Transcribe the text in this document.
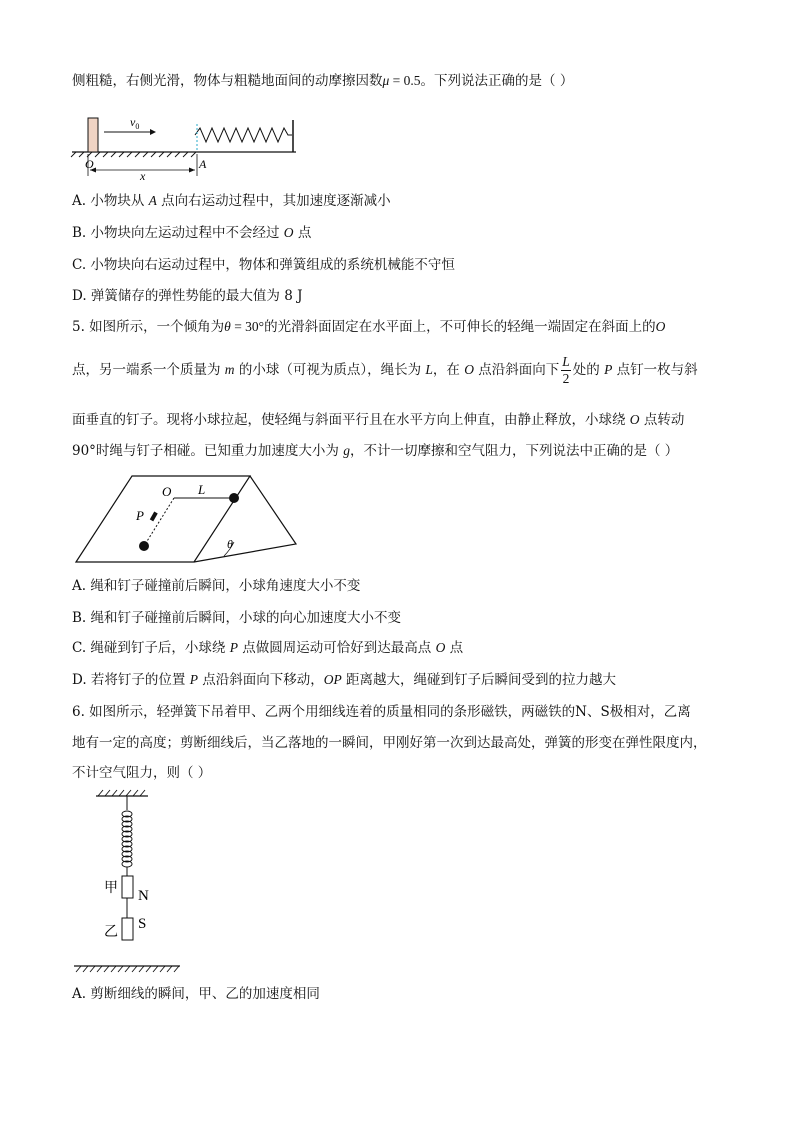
侧粗糙，右侧光滑，物体与粗糙地面间的动摩擦因数μ = 0.5。下列说法正确的是（ ）
$v_0$
O	A
x
A. 小物块从 A 点向右运动过程中，其加速度逐渐减小
B. 小物块向左运动过程中不会经过 O 点
C. 小物块向右运动过程中，物体和弹簧组成的系统机械能不守恒
D. 弹簧储存的弹性势能的最大值为 8 J
5. 如图所示，一个倾角为θ = 30°的光滑斜面固定在水平面上，不可伸长的轻绳一端固定在斜面上的O
点，另一端系一个质量为 m 的小球（可视为质点），绳长为 L，在 O 点沿斜面向下 $\frac{L}{2}$ 处的 P 点钉一枚与斜
面垂直的钉子。现将小球拉起，使轻绳与斜面平行且在水平方向上伸直，由静止释放，小球绕 O 点转动
90°时绳与钉子相碰。已知重力加速度大小为 g，不计一切摩擦和空气阻力，下列说法中正确的是（ ）
θ
O L
P
A. 绳和钉子碰撞前后瞬间，小球角速度大小不变
B. 绳和钉子碰撞前后瞬间，小球的向心加速度大小不变
C. 绳碰到钉子后，小球绕 P 点做圆周运动可恰好到达最高点 O 点
D. 若将钉子的位置 P 点沿斜面向下移动，OP 距离越大，绳碰到钉子后瞬间受到的拉力越大
6. 如图所示，轻弹簧下吊着甲、乙两个用细线连着的质量相同的条形磁铁，两磁铁的N、S极相对，乙离
地有一定的高度；剪断细线后，当乙落地的一瞬间，甲刚好第一次到达最高处，弹簧的形变在弹性限度内，
不计空气阻力，则（ ）
甲 N
乙
S
A. 剪断细线的瞬间，甲、乙的加速度相同
